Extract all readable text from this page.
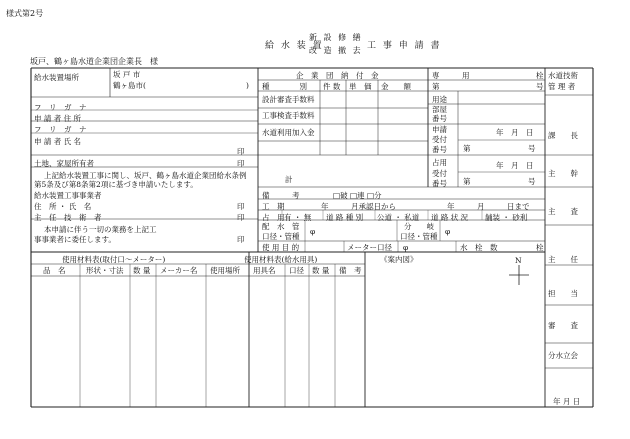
様式第2号
給 水 装 置
新 設 修 繕
改 造 撤 去 工 事 申 請 書
坂戸、鶴ヶ島水道企業団企業長　様
給水装置場所	坂 戸 市
鶴ヶ島市(	)
フ　リ　ガ　ナ
申 請 者 住 所
フ　リ　ガ　ナ
申 請 者 氏 名
印
土地、家屋所有者	印
上記給水装置工事に関し、坂戸、鶴ヶ島水道企業団給水条例第5条及び第8条第2項に基づき申請いたします。
給水装置工事事業者
住　所 ・ 氏　名	印
主　任　技　術　者	印
本申請に伴う一切の業務を上記工事事業者に委任します。	印
企　業　団　納　付　金
種　　　　別 件 数 単　価 金　　額
設計審査手数料
工事検査手数料
水道利用加入金
計
専　　　用	栓
第	号
用途
部屋
番号
申請
受付
番号
年　月　日
第	号
占用
受付
番号
年　月　日
第	号
水道技術
管 理 者
課　　長
主　　幹
主　　査
主　　任
担　　当
審　　査
分水立会
年 月 日
備　　　考	□破 □連 □分
工　期	年　　　月承認日から	年　　　月　　　日まで
占　用 有 ・ 無 道 路 種 別 公道 ・ 私道 道 路 状 況 舗装 ・ 砂利
配　水　管
口径・管種
φ
分　　岐
口径・管種
φ
使 用 目 的	メーター口径 φ	水　栓　数	栓
使用材料表(取付口〜メーター)	使用材料表(給水用具)	《案内図》	N
品　名	形状・寸法 数 量 メーカー名 使用場所 用具名 口径 数 量 備　考
